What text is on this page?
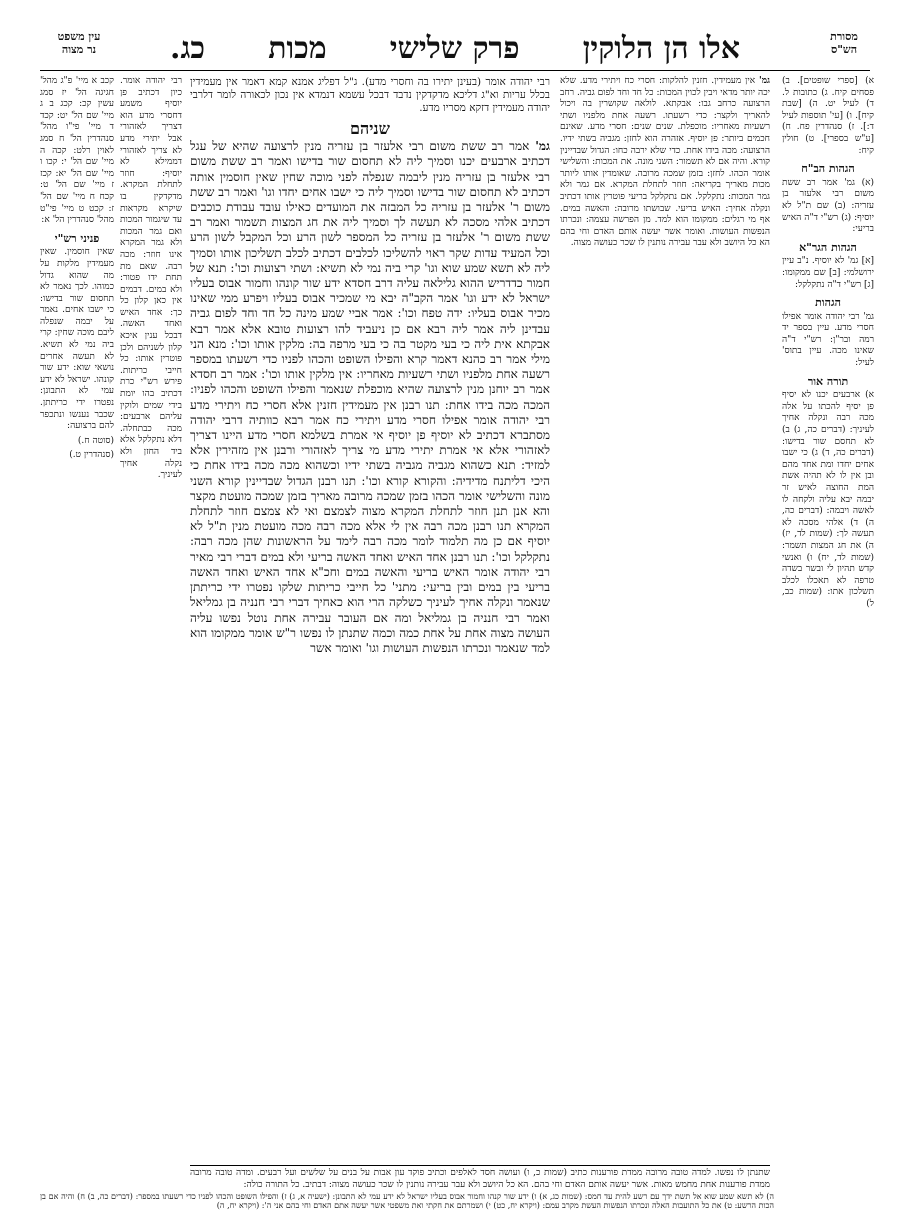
עין משפט
נר מצוה	אלו הן הלוקין
פרק שלישי
מכות
כג.	מסורת
הש"ס

א) [ספרי שופטים]. ב) פסחים קיח. ג) כתובות ל. ד) לעיל יט. ה) [שבת קיח]. ו) [עי' תוספות לעיל ד:]. ז) סנהדרין פח. ח) [ע"ש בספרי]. ט) חולין קיח:

הגהות הב"ח

(א) גמ' אמר רב ששת משום רבי אלעזר בן עזריה: (ב) שם ת"ל לא יוסיף: (ג) רש"י ד"ה האיש בריעי:

הגהות הגר"א

[א] גמ' לא יוסיף. נ"ב עיין ירושלמי: [ב] שם ממקומו: [ג] רש"י ד"ה נתקלקל:

הגהות

גמ' רבי יהודה אומר אפילו חסרי מדע. עיין בספר יד רמה ובר"ן: רש"י ד"ה שאינו מכה. עיין בתוס' לעיל:

תורה אור

א) ארבעים יכנו לא יסיף פן יסיף להכתו על אלה מכה רבה ונקלה אחיך לעיניך: (דברים כה, ג) ב) לא תחסם שור בדישו: (דברים כה, ד) ג) כי ישבו אחים יחדו ומת אחד מהם ובן אין לו לא תהיה אשת המת החוצה לאיש זר יבמה יבא עליה ולקחה לו לאשה ויבמה: (דברים כה, ה) ד) אלהי מסכה לא תעשה לך: (שמות לד, יז) ה) את חג המצות תשמר: (שמות לד, יח) ו) ואנשי קדש תהיון לי ובשר בשדה טרפה לא תאכלו לכלב תשלכון אתו: (שמות כב, ל)

גמ' אין מעמידין. חזנין להלקות: חסרי כח ויתירי מדע. שלא יכה יותר מדאי ויבין לכוין המכות: כל חד וחד לפום גביה. רחב הרצועה כרחב גבו: אבקתא. לולאה שקושרין בה ויכול להאריך ולקצר: כדי רשעתו. רשעה אחת מלפניו ושתי רשעיות מאחריו: מוכפלת. שנים שנים: חסרי מדע. שאינם חכמים ביותר: פן יוסיף. אזהרה הוא לחזן: מגביה בשתי ידיו. הרצועה: מכה בידו אחת. כדי שלא ירבה כחו: הגדול שבדיינין קורא. והיה אם לא תשמור: השני מונה. את המכות: והשלישי אומר הכהו. לחזן: בזמן שמכה מרובה. שאומדין אותו ליותר מכות מאריך בקריאה: חוזר לתחלת המקרא. אם גמר ולא גמר המכות: נתקלקל. אם נתקלקל בריעי פוטרין אותו דכתיב ונקלה אחיך: האיש בריעי. שבושתו מרובה: והאשה במים. אף מי רגלים: ממקומו הוא למד. מן הפרשה עצמה: ונכרתו הנפשות העושות. ואומר אשר יעשה אותם האדם וחי בהם הא כל היושב ולא עבר עבירה נותנין לו שכר כעושה מצוה.

רבי יהודה אומר (בעינן יתירו בה וחסרי מדע). ג"ל דפליג אמנא קמא דאמר אין מעמידין בכלל עריות וא"ג דליכא מדקדקין נדבד דבכל עשמא דנמדא אין נכון לכאורה לומר דלרבי יהודה מעמידין דזקא מסריו מדע.

שניהם

גמ' אמר רב ששת משום רבי אלעזר בן עזריה מנין לרצועה שהיא של עגל דכתיב ארבעים יכנו וסמיך ליה לא תחסום שור בדישו ואמר רב ששת משום רבי אלעזר בן עזריה מנין ליבמה שנפלה לפני מוכה שחין שאין חוסמין אותה דכתיב לא תחסום שור בדישו וסמיך ליה כי ישבו אחים יחדו וגו' ואמר רב ששת משום ר' אלעזר בן עזריה כל המבזה את המועדים כאילו עובד עבודת כוכבים דכתיב אלהי מסכה לא תעשה לך וסמיך ליה את חג המצות תשמור ואמר רב ששת משום ר' אלעזר בן עזריה כל המספר לשון הרע וכל המקבל לשון הרע וכל המעיד עדות שקר ראוי להשליכו לכלבים דכתיב לכלב תשליכון אותו וסמיך ליה לא תשא שמע שוא וגו' קרי ביה נמי לא תשיא: ושתי רצועות וכו': תנא של חמור כדדריש ההוא גלילאה עליה דרב חסדא ידע שור קונהו וחמור אבוס בעליו ישראל לא ידע וגו' אמר הקב"ה יבא מי שמכיר אבוס בעליו ויפרע ממי שאינו מכיר אבוס בעליו: ידה טפח וכו': אמר אביי שמע מינה כל חד וחד לפום גביה עבדינן ליה אמר ליה רבא אם כן ניעביד להו רצועות טובא אלא אמר רבא אבקתא אית ליה כי בעי מקטר בה כי בעי מרפה בה: מלקין אותו וכו': מנא הני מילי אמר רב כהנא דאמר קרא והפילו השופט והכהו לפניו כדי רשעתו במספר רשעה אחת מלפניו ושתי רשעיות מאחריו: אין מלקין אותו וכו': אמר רב חסדא אמר רב יוחנן מנין לרצועה שהיא מוכפלת שנאמר והפילו השופט והכהו לפניו: המכה מכה בידו אחת: תנו רבנן אין מעמידין חזנין אלא חסרי כח ויתירי מדע רבי יהודה אומר אפילו חסרי מדע ויתירי כח אמר רבא כוותיה דרבי יהודה מסתברא דכתיב לא יוסיף פן יוסיף אי אמרת בשלמא חסרי מדע היינו דצריך לאזהורי אלא אי אמרת יתירי מדע מי צריך לאזהורי ורבנן אין מזהירין אלא למזיד: תנא כשהוא מגביה מגביה בשתי ידיו וכשהוא מכה מכה בידו אחת כי היכי דליתנח מדידיה: והקורא קורא וכו': תנו רבנן הגדול שבדיינין קורא השני מונה והשלישי אומר הכהו בזמן שמכה מרובה מאריך בזמן שמכה מועטת מקצר והא אנן תנן חוזר לתחלת המקרא מצוה לצמצם ואי לא צמצם חוזר לתחלת המקרא תנו רבנן מכה רבה אין לי אלא מכה רבה מכה מועטת מנין ת"ל לא יוסיף אם כן מה תלמוד לומר מכה רבה לימד על הראשונות שהן מכה רבה: נתקלקל וכו': תנו רבנן אחד האיש ואחד האשה בריעי ולא במים דברי רבי מאיר רבי יהודה אומר האיש בריעי והאשה במים וחכ"א אחד האיש ואחד האשה בריעי בין במים ובין בריעי: מתני' כל חייבי כריתות שלקו נפטרו ידי כריתתן שנאמר ונקלה אחיך לעיניך כשלקה הרי הוא כאחיך דברי רבי חנניה בן גמליאל ואמר רבי חנניה בן גמליאל ומה אם העובר עבירה אחת נוטל נפשו עליה העושה מצוה אחת על אחת כמה וכמה שתנתן לו נפשו ר"ש אומר ממקומו הוא למד שנאמר ונכרתו הנפשות העושות וגו' ואומר אשר

רבי יהודה אומר. כיון דכתיב פן יוסיף משמע דחסרי מדע הוא דצריך לאזהורי אבל יתירי מדע לא צריך לאזהורי דממילא לא יוסיף: חוזר לתחלת המקרא. מדקדקין בו שיקרא מקראות עד שיגמור המכות ואם גמר המכות ולא גמר המקרא אינו חוזר: מכה רבה. שאם מת תחת ידו פטור: ולא במים. דבמים אין כאן קלון כל כך: אחד האיש ואחד האשה. דבכל ענין איכא קלון לשניהם ולכן פוטרין אותו: כל חייבי כריתות. פירש רש"י כרת דכתיב בהו יומת בידי שמים ולוקין עליהם ארבעים: מכה כבתחלה. דלא נתקלקל אלא ביד החזן ולא נקלה אחיך לעיניך.

קכב א מיי' פ"ג מהל' חגיגה הל' יז סמג עשין קכ: קכג ב ג מיי' שם הל' יט: קכד ד מיי' פי"ו מהל' סנהדרין הל' ח סמג לאוין רלט: קכה ה מיי' שם הל' י: קכו ו מיי' שם הל' יא: קכז ז מיי' שם הל' ט: קכח ח מיי' שם הל' ז: קכט ט מיי' פי"ט מהל' סנהדרין הל' א:

פניני רש"י

שאין חוסמין. שאין מעמידין מלקות על מה שהוא גדול כמוהו. לכך נאמר לא תחסום שור בדישו: כי ישבו אחים. נאמר על יבמה שנפלה ליבם מוכה שחין: קרי ביה נמי לא תשיא. לא תעשה אחרים נושאי שוא: ידע שור קונהו. ישראל לא ידע עמי לא התבונן: נפטרו ידי כריתתן. שכבר נענשו ונתכפר להם ברצועה:

(סוטה ח.)

(סנהדרין ט.)

שתנתן לו נפשו. למדה טובה מרובה ממדת פורענות כתיב (שמות כ, ו) ועושה חסד לאלפים וכתיב פוקד עון אבות על בנים על שלשים ועל רבעים. ומדה טובה מרובה ממדת פורענות אחת מחמש מאות. אשר יעשה אותם האדם וחי בהם. הא כל היושב ולא עבר עבירה נותנין לו שכר כעושה מצוה: דבתיב. כל התורה כולה:
ה) לא תשא שמע שוא אל תשת ידך עם רשע להית עד חמס: (שמות כג, א) ו) ידע שור קנהו וחמור אבוס בעליו ישראל לא ידע עמי לא התבונן: (ישעיה א, ג) ז) והפילו השופט והכהו לפניו כדי רשעתו במספר: (דברים כה, ב) ח) והיה אם בן הכות הרשע: ט) את כל התועבות האלה ונכרתו הנפשות העשת מקרב עמם: (ויקרא יח, כט) י) ושמרתם את חקתי ואת משפטי אשר יעשה אתם האדם וחי בהם אני ה': (ויקרא יח, ה)
